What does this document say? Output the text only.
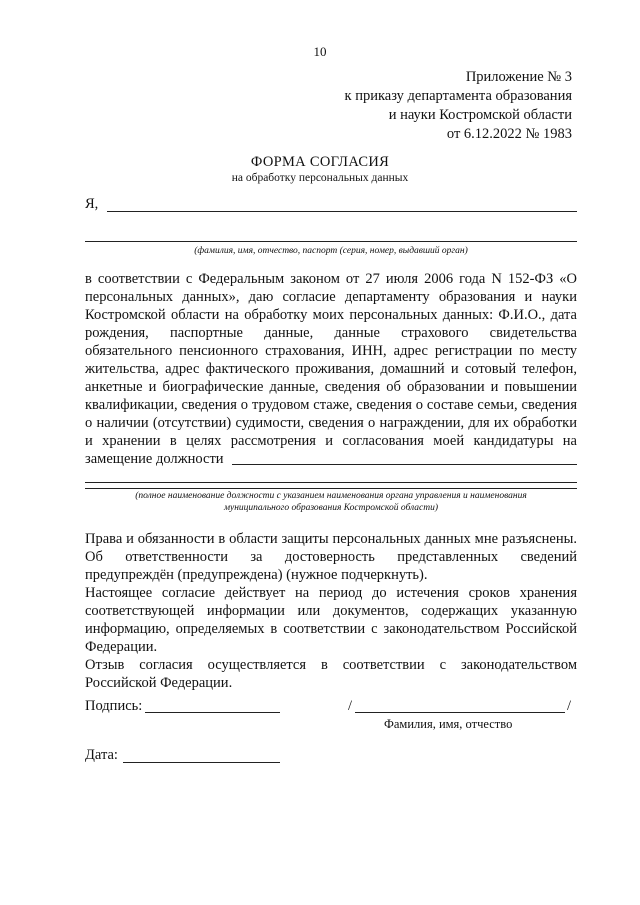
10
Приложение № 3
к приказу департамента образования
и науки Костромской области
от 6.12.2022 № 1983
ФОРМА СОГЛАСИЯ
на обработку персональных данных
Я,
(фамилия, имя, отчество, паспорт (серия, номер, выдавший орган)
в соответствии с Федеральным законом от 27 июля 2006 года N 152-ФЗ «О
персональных данных», даю согласие департаменту образования и науки
Костромской области на обработку моих персональных данных: Ф.И.О., дата
рождения, паспортные данные, данные страхового свидетельства
обязательного пенсионного страхования, ИНН, адрес регистрации по месту
жительства, адрес фактического проживания, домашний и сотовый телефон,
анкетные и биографические данные, сведения об образовании и повышении
квалификации, сведения о трудовом стаже, сведения о составе семьи, сведения
о наличии (отсутствии) судимости, сведения о награждении, для их обработки
и хранении в целях рассмотрения и согласования моей кандидатуры на
замещение должности
(полное наименование должности с указанием наименования органа управления и наименования
муниципального образования Костромской области)
Права и обязанности в области защиты персональных данных мне разъяснены.
Об ответственности за достоверность представленных сведений
предупреждён (предупреждена) (нужное подчеркнуть).
Настоящее согласие действует на период до истечения сроков хранения
соответствующей информации или документов, содержащих указанную
информацию, определяемых в соответствии с законодательством Российской
Федерации.
Отзыв согласия осуществляется в соответствии с законодательством
Российской Федерации.
Подпись:	/	/
Фамилия, имя, отчество
Дата:
